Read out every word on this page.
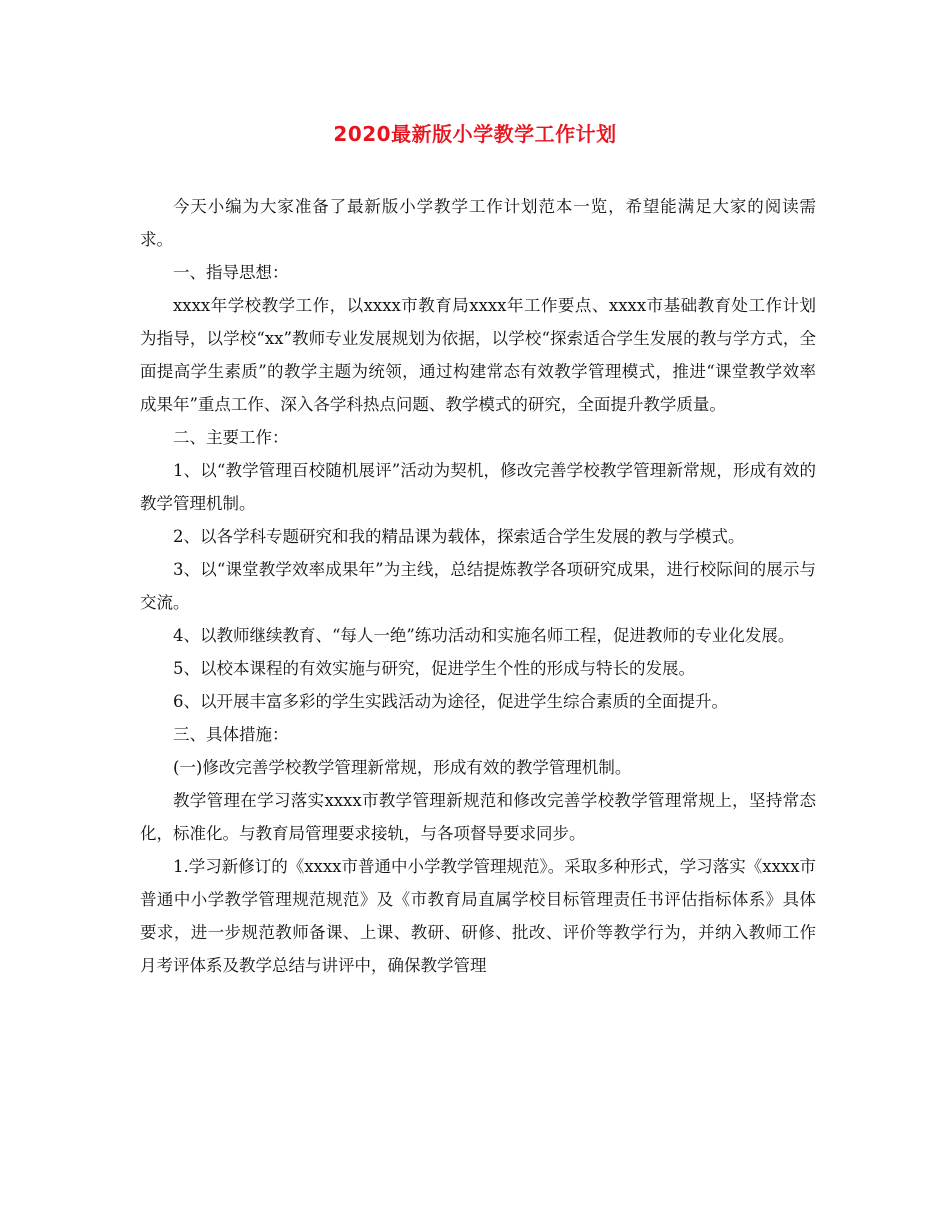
2020最新版小学教学工作计划

今天小编为大家准备了最新版小学教学工作计划范本一览，希望能满足大家的阅读需求。

一、指导思想：

xxxx年学校教学工作，以xxxx市教育局xxxx年工作要点、xxxx市基础教育处工作计划为指导，以学校“xx”教师专业发展规划为依据，以学校“探索适合学生发展的教与学方式，全面提高学生素质”的教学主题为统领，通过构建常态有效教学管理模式，推进“课堂教学效率成果年”重点工作、深入各学科热点问题、教学模式的研究，全面提升教学质量。

二、主要工作：

1、以“教学管理百校随机展评”活动为契机，修改完善学校教学管理新常规，形成有效的教学管理机制。

2、以各学科专题研究和我的精品课为载体，探索适合学生发展的教与学模式。

3、以“课堂教学效率成果年”为主线，总结提炼教学各项研究成果，进行校际间的展示与交流。

4、以教师继续教育、“每人一绝”练功活动和实施名师工程，促进教师的专业化发展。

5、以校本课程的有效实施与研究，促进学生个性的形成与特长的发展。

6、以开展丰富多彩的学生实践活动为途径，促进学生综合素质的全面提升。

三、具体措施：

(一)修改完善学校教学管理新常规，形成有效的教学管理机制。

教学管理在学习落实xxxx市教学管理新规范和修改完善学校教学管理常规上，坚持常态化，标准化。与教育局管理要求接轨，与各项督导要求同步。

1.学习新修订的《xxxx市普通中小学教学管理规范》。采取多种形式，学习落实《xxxx市普通中小学教学管理规范规范》及《市教育局直属学校目标管理责任书评估指标体系》具体要求，进一步规范教师备课、上课、教研、研修、批改、评价等教学行为，并纳入教师工作月考评体系及教学总结与讲评中，确保教学管理
